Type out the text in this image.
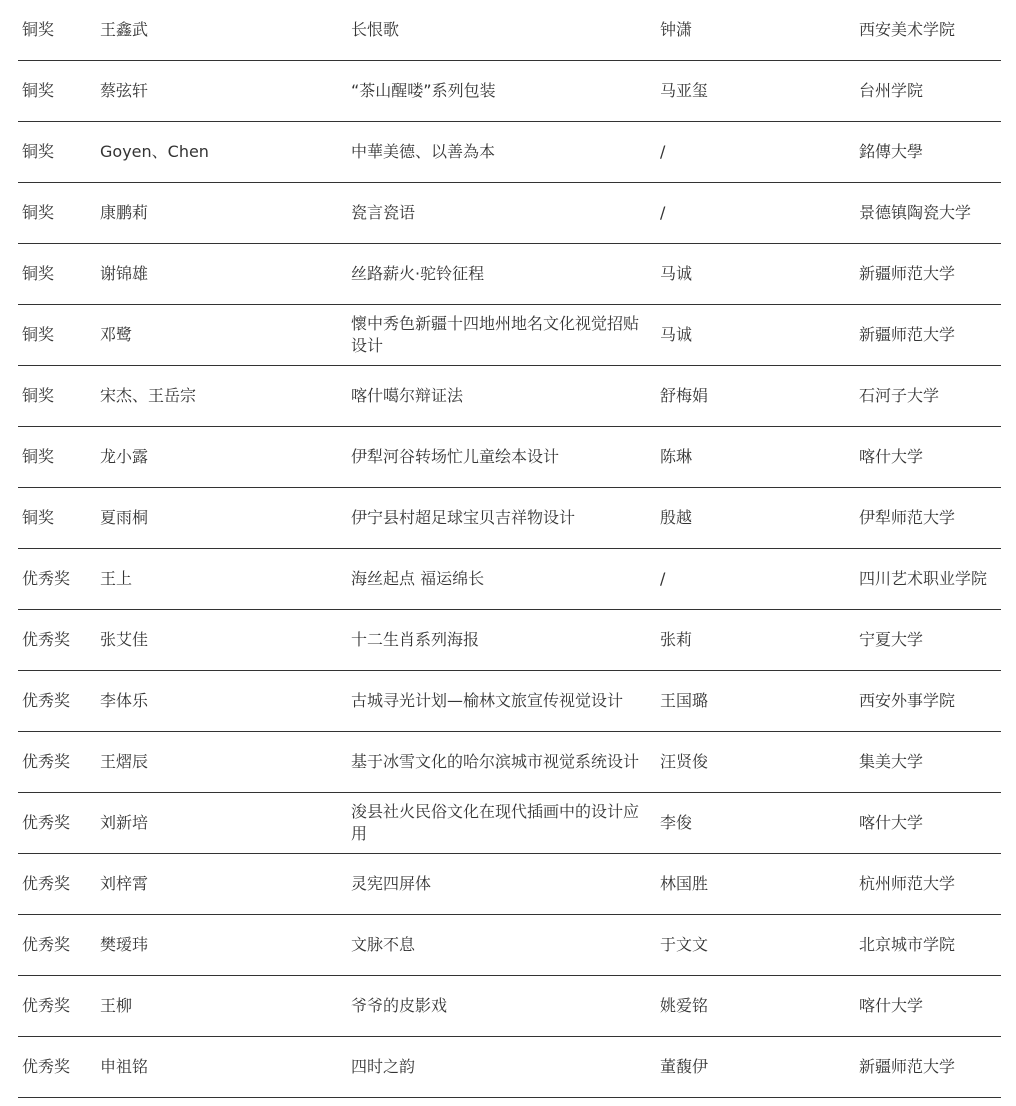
铜奖	王鑫武	长恨歌	钟潇	西安美术学院
铜奖	蔡弦轩	“茶山醒喽”系列包装	马亚玺	台州学院
铜奖	Goyen、Chen	中華美德、以善為本	/	銘傳大學
铜奖	康鹏莉	瓷言瓷语	/	景德镇陶瓷大学
铜奖	谢锦雄	丝路薪火·驼铃征程	马诚	新疆师范大学
铜奖	邓鹭	懷中秀色新疆十四地州地名文化视觉招贴设计	马诚	新疆师范大学
铜奖	宋杰、王岳宗	喀什噶尔辩证法	舒梅娟	石河子大学
铜奖	龙小露	伊犁河谷转场忙儿童绘本设计	陈琳	喀什大学
铜奖	夏雨桐	伊宁县村超足球宝贝吉祥物设计	殷越	伊犁师范大学
优秀奖	王上	海丝起点 福运绵长	/	四川艺术职业学院
优秀奖	张艾佳	十二生肖系列海报	张莉	宁夏大学
优秀奖	李体乐	古城寻光计划—榆林文旅宣传视觉设计	王国璐	西安外事学院
优秀奖	王熠辰	基于冰雪文化的哈尔滨城市视觉系统设计	汪贤俊	集美大学
优秀奖	刘新培	浚县社火民俗文化在现代插画中的设计应用	李俊	喀什大学
优秀奖	刘梓霄	灵宪四屏体	林国胜	杭州师范大学
优秀奖	樊瑷玮	文脉不息	于文文	北京城市学院
优秀奖	王柳	爷爷的皮影戏	姚爱铭	喀什大学
优秀奖	申祖铭	四时之韵	董馥伊	新疆师范大学
